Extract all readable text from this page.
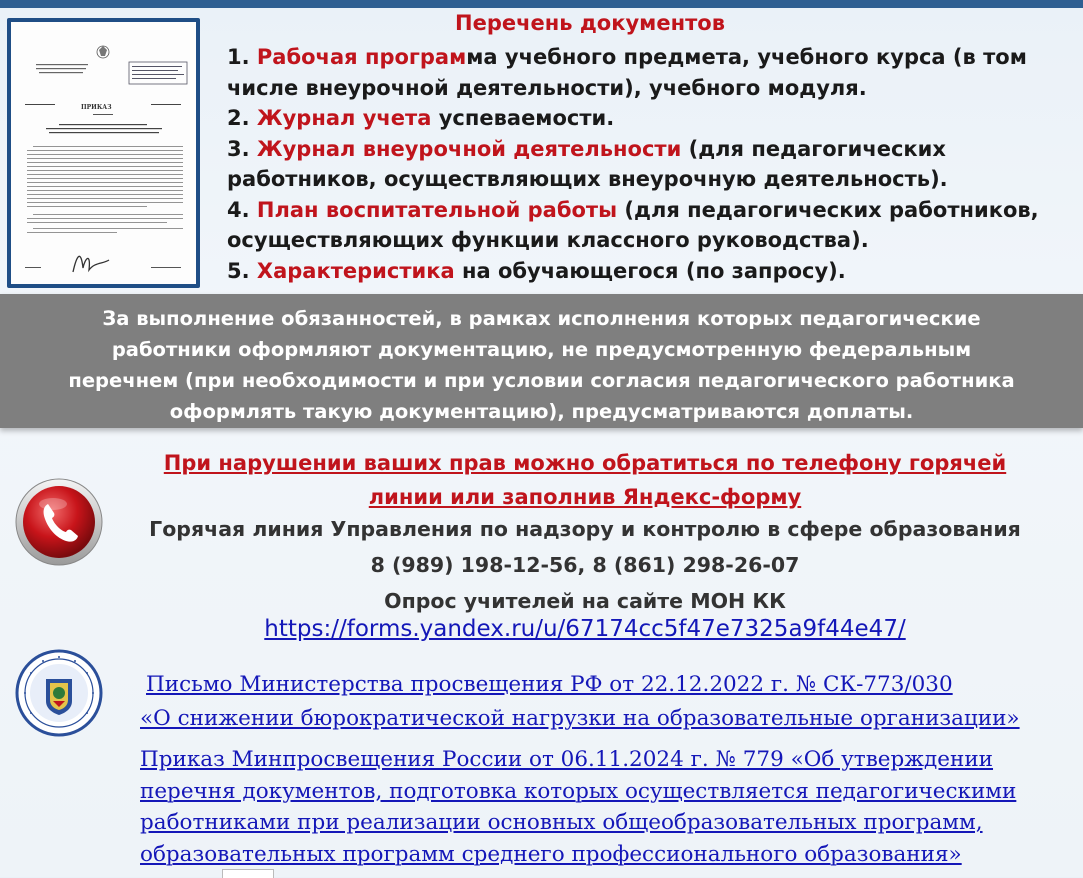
ПРИКАЗ
Перечень документов
1. Рабочая программа учебного предмета, учебного курса (в том числе внеурочной деятельности), учебного модуля.
2. Журнал учета успеваемости.
3. Журнал внеурочной деятельности (для педагогических работников, осуществляющих внеурочную деятельность).
4. План воспитательной работы (для педагогических работников, осуществляющих функции классного руководства).
5. Характеристика на обучающегося (по запросу).
За выполнение обязанностей, в рамках исполнения которых педагогические
работники оформляют документацию, не предусмотренную федеральным
перечнем (при необходимости и при условии согласия педагогического работника
оформлять такую документацию), предусматриваются доплаты.
При нарушении ваших прав можно обратиться по телефону горячей
линии или заполнив Яндекс-форму
Горячая линия Управления по надзору и контролю в сфере образования
8 (989) 198-12-56, 8 (861) 298-26-07
Опрос учителей на сайте МОН КК
https://forms.yandex.ru/u/67174cc5f47e7325a9f44e47/
Письмо Министерства просвещения РФ от 22.12.2022 г. № СК-773/030
«О снижении бюрократической нагрузки на образовательные организации»
Приказ Минпросвещения России от 06.11.2024 г. № 779 «Об утверждении
перечня документов, подготовка которых осуществляется педагогическими
работниками при реализации основных общеобразовательных программ,
образовательных программ среднего профессионального образования»
